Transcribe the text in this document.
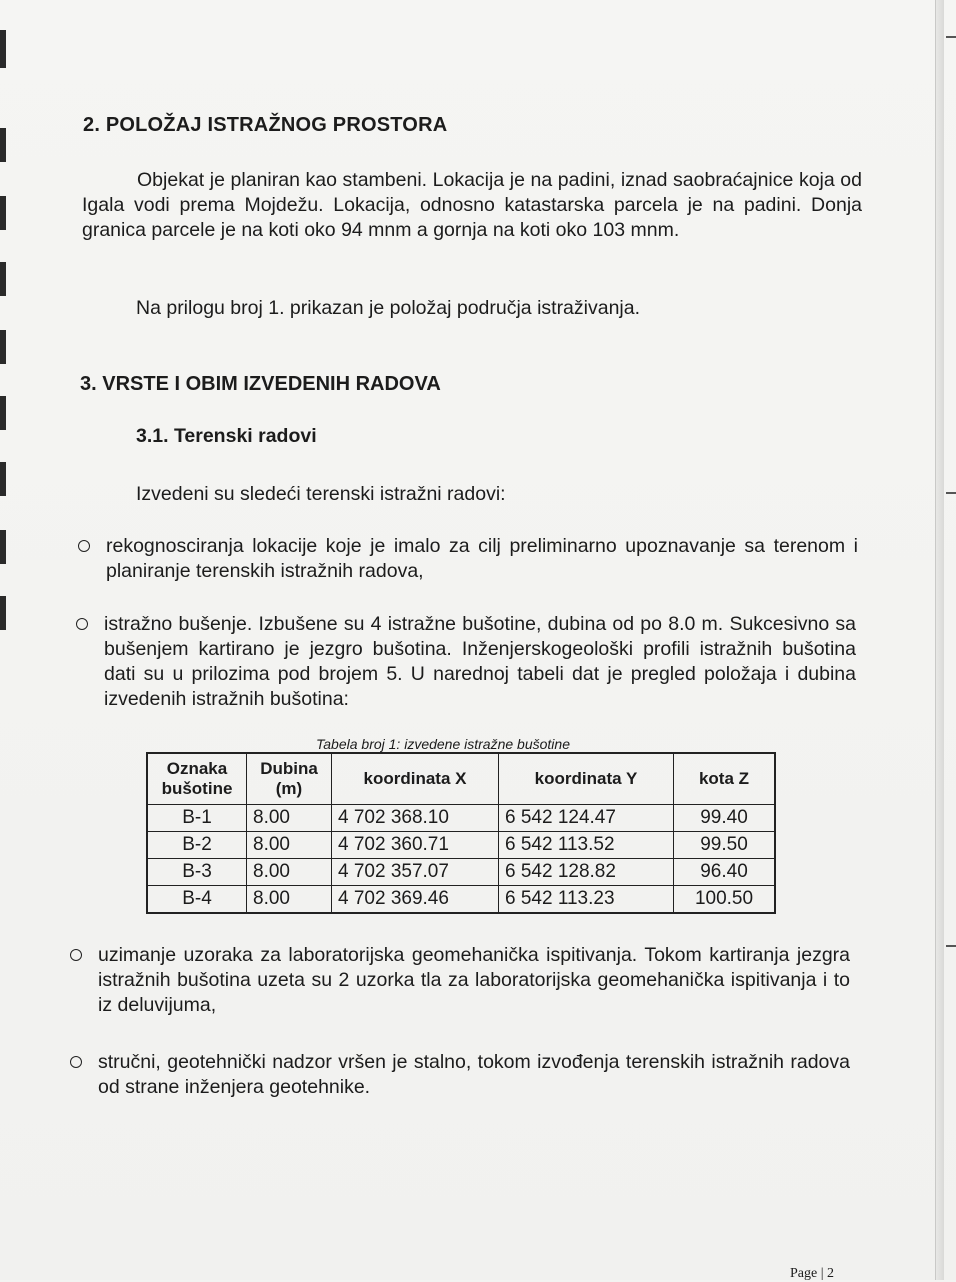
2. POLOŽAJ ISTRAŽNOG PROSTORA
Objekat je planiran kao stambeni. Lokacija je na padini, iznad saobraćajnice koja od Igala vodi prema Mojdežu. Lokacija, odnosno katastarska parcela je na padini. Donja granica parcele je na koti oko 94 mnm a gornja na koti oko 103 mnm.
Na prilogu broj 1. prikazan je položaj područja istraživanja.
3. VRSTE I OBIM IZVEDENIH RADOVA
3.1. Terenski radovi
Izvedeni su sledeći terenski istražni radovi:
rekognosciranja lokacije koje je imalo za cilj preliminarno upoznavanje sa terenom i planiranje terenskih istražnih radova,
istražno bušenje. Izbušene su 4 istražne bušotine, dubina od po 8.0 m. Sukcesivno sa bušenjem kartirano je jezgro bušotina. Inženjerskogeološki profili istražnih bušotina dati su u prilozima pod brojem 5. U narednoj tabeli dat je pregled položaja i dubina izvedenih istražnih bušotina:
Tabela broj 1: izvedene istražne bušotine
Oznaka bušotine	Dubina (m)	koordinata X	koordinata Y	kota Z
B-1	8.00	4 702 368.10	6 542 124.47	99.40
B-2	8.00	4 702 360.71	6 542 113.52	99.50
B-3	8.00	4 702 357.07	6 542 128.82	96.40
B-4	8.00	4 702 369.46	6 542 113.23	100.50
uzimanje uzoraka za laboratorijska geomehanička ispitivanja. Tokom kartiranja jezgra istražnih bušotina uzeta su 2 uzorka tla za laboratorijska geomehanička ispitivanja i to iz deluvijuma,
stručni, geotehnički nadzor vršen je stalno, tokom izvođenja terenskih istražnih radova od strane inženjera geotehnike.
Page | 2
